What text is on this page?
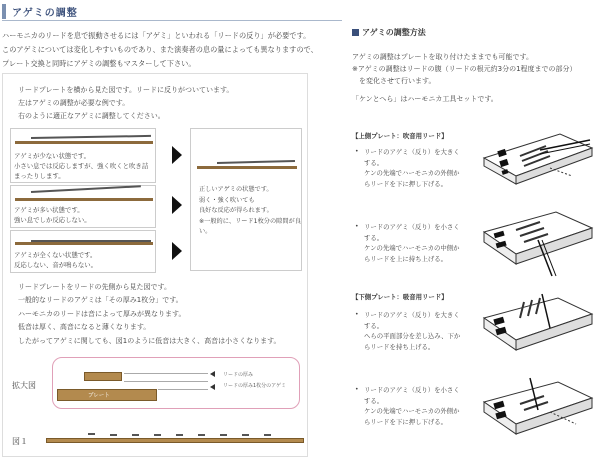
アゲミの調整
ハーモニカのリードを息で振動させるには「アゲミ」といわれる「リードの反り」が必要です。
このアゲミについては変化しやすいものであり、また演奏者の息の量によっても異なりますので、
プレート交換と同時にアゲミの調整もマスターして下さい。
リードプレートを横から見た図です。リードに反りがついています。
左はアゲミの調整が必要な例です。
右のように適正なアゲミに調整してください。
アゲミが少ない状態です。
小さい息では反応しますが、強く吹くと吹き詰
まったりします。
アゲミが多い状態です。
強い息でしか反応しない。
アゲミが全くない状態です。
反応しない、音が鳴らない。
正しいアゲミの状態です。
弱く・強く吹いても
良好な反応が得られます。
※一般的に、リード1枚分の隙間が良
い。
リードプレートをリードの先側から見た図です。
一般的なリードのアゲミは「その厚み1枚分」です。
ハーモニカのリードは音によって厚みが異なります。
低音は厚く、高音になると薄くなります。
したがってアゲミに関しても、図1のように低音は大きく、高音は小さくなります。
拡大図
プレート
リードの厚み
リードの厚み1枚分のアゲミ
図１
アゲミの調整方法
アゲミの調整はプレートを取り付けたままでも可能です。
※アゲミの調整はリードの腹（リードの根元約3分の1程度までの部分）
　を変化させて行います。
「ケンとへら」はハーモニカ工具セットです。
【上側プレート：吹音用リード】
• リードのアゲミ（反り）を大きく
する。
ケンの先端でハーモニカの外側か
らリードを下に押し下げる。
• リードのアゲミ（反り）を小さく
する。
ケンの先端でハーモニカの中側か
らリードを上に持ち上げる。
【下側プレート：吸音用リード】
• リードのアゲミ（反り）を大きく
する。
へらの平面部分を差し込み、下か
らリードを持ち上げる。
• リードのアゲミ（反り）を小さく
する。
ケンの先端でハーモニカの外側か
らリードを下に押し下げる。
